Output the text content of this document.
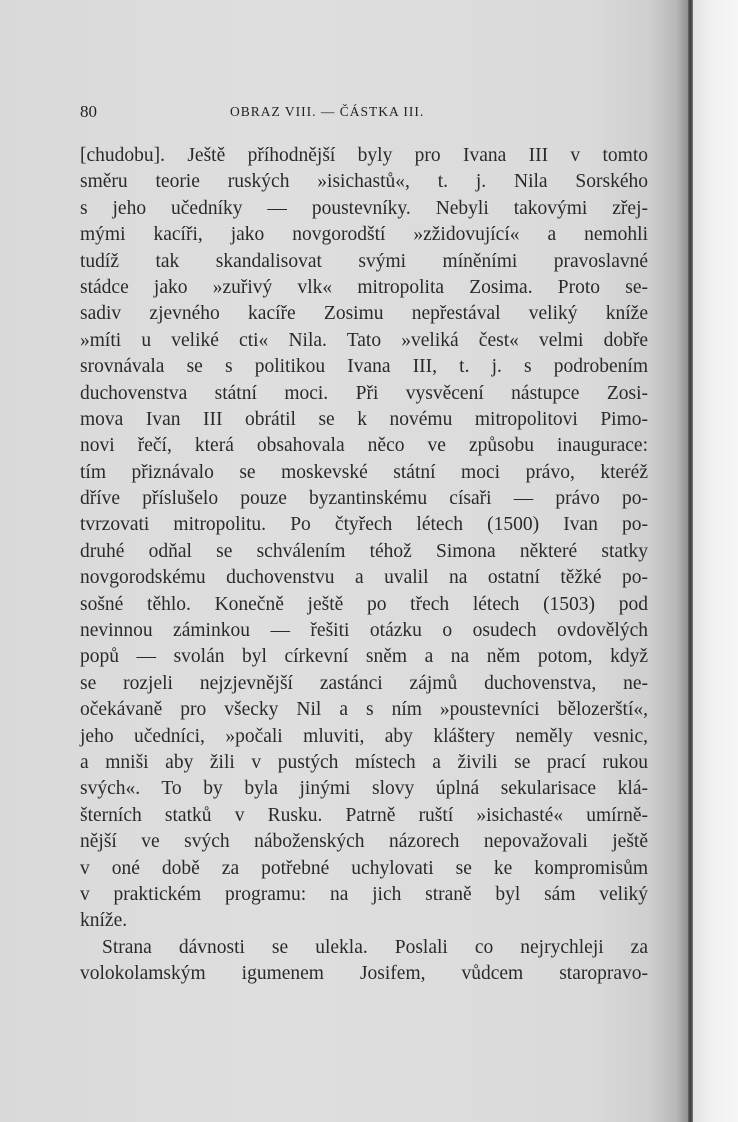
80	OBRAZ VIII. — ČÁSTKA III.
[chudobu]. Ještě příhodnější byly pro Ivana III v tomto
směru teorie ruských »isichastů«, t. j. Nila Sorského
s jeho učedníky — poustevníky. Nebyli takovými zřej-
mými kacíři, jako novgorodští »zžidovující« a nemohli
tudíž tak skandalisovat svými míněními pravoslavné
stádce jako »zuřivý vlk« mitropolita Zosima. Proto se-
sadiv zjevného kacíře Zosimu nepřestával veliký kníže
»míti u veliké cti« Nila. Tato »veliká čest« velmi dobře
srovnávala se s politikou Ivana III, t. j. s podrobením
duchovenstva státní moci. Při vysvěcení nástupce Zosi-
mova Ivan III obrátil se k novému mitropolitovi Pimo-
novi řečí, která obsahovala něco ve způsobu inaugurace:
tím přiznávalo se moskevské státní moci právo, kteréž
dříve příslušelo pouze byzantinskému císaři — právo po-
tvrzovati mitropolitu. Po čtyřech létech (1500) Ivan po-
druhé odňal se schválením téhož Simona některé statky
novgorodskému duchovenstvu a uvalil na ostatní těžké po-
sošné těhlo. Konečně ještě po třech létech (1503) pod
nevinnou záminkou — řešiti otázku o osudech ovdovělých
popů — svolán byl církevní sněm a na něm potom, když
se rozjeli nejzjevnější zastánci zájmů duchovenstva, ne-
očekávaně pro všecky Nil a s ním »poustevníci bělozerští«,
jeho učedníci, »počali mluviti, aby kláštery neměly vesnic,
a mniši aby žili v pustých místech a živili se prací rukou
svých«. To by byla jinými slovy úplná sekularisace klá-
šterních statků v Rusku. Patrně ruští »isichasté« umírně-
nější ve svých náboženských názorech nepovažovali ještě
v oné době za potřebné uchylovati se ke kompromisům
v praktickém programu: na jich straně byl sám veliký
kníže.
Strana dávnosti se ulekla. Poslali co nejrychleji za
volokolamským igumenem Josifem, vůdcem staropravo-
